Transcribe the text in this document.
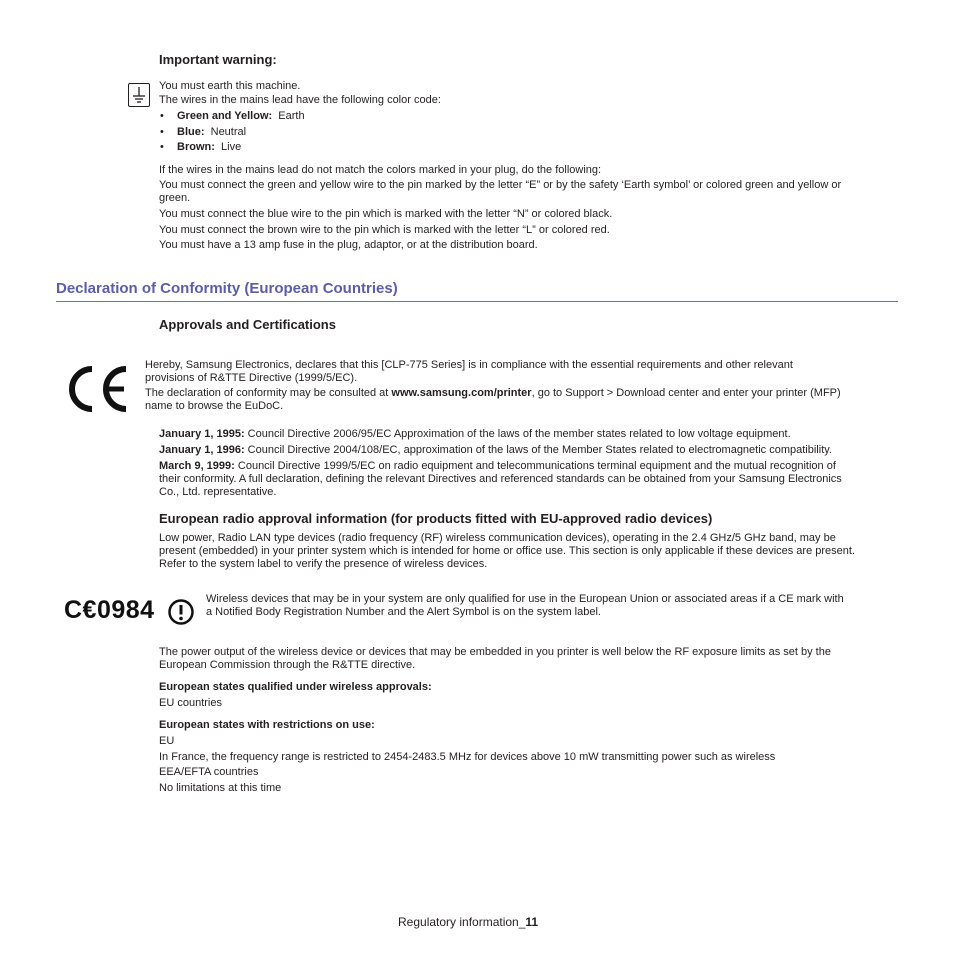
Important warning:
You must earth this machine.
The wires in the mains lead have the following color code:
• Green and Yellow: Earth
• Blue: Neutral
• Brown: Live
If the wires in the mains lead do not match the colors marked in your plug, do the following:
You must connect the green and yellow wire to the pin marked by the letter “E” or by the safety ‘Earth symbol’ or colored green and yellow or
green.
You must connect the blue wire to the pin which is marked with the letter “N” or colored black.
You must connect the brown wire to the pin which is marked with the letter “L” or colored red.
You must have a 13 amp fuse in the plug, adaptor, or at the distribution board.
Declaration of Conformity (European Countries)
Approvals and Certifications
Hereby, Samsung Electronics, declares that this [CLP-775 Series] is in compliance with the essential requirements and other relevant
provisions of R&TTE Directive (1999/5/EC).
The declaration of conformity may be consulted at www.samsung.com/printer, go to Support > Download center and enter your printer (MFP)
name to browse the EuDoC.
January 1, 1995: Council Directive 2006/95/EC Approximation of the laws of the member states related to low voltage equipment.
January 1, 1996: Council Directive 2004/108/EC, approximation of the laws of the Member States related to electromagnetic compatibility.
March 9, 1999: Council Directive 1999/5/EC on radio equipment and telecommunications terminal equipment and the mutual recognition of
their conformity. A full declaration, defining the relevant Directives and referenced standards can be obtained from your Samsung Electronics
Co., Ltd. representative.
European radio approval information (for products fitted with EU-approved radio devices)
Low power, Radio LAN type devices (radio frequency (RF) wireless communication devices), operating in the 2.4 GHz/5 GHz band, may be
present (embedded) in your printer system which is intended for home or office use. This section is only applicable if these devices are present.
Refer to the system label to verify the presence of wireless devices.
C€0984	Wireless devices that may be in your system are only qualified for use in the European Union or associated areas if a CE mark with
a Notified Body Registration Number and the Alert Symbol is on the system label.
The power output of the wireless device or devices that may be embedded in you printer is well below the RF exposure limits as set by the
European Commission through the R&TTE directive.
European states qualified under wireless approvals:
EU countries
European states with restrictions on use:
EU
In France, the frequency range is restricted to 2454-2483.5 MHz for devices above 10 mW transmitting power such as wireless
EEA/EFTA countries
No limitations at this time
Regulatory information_11
